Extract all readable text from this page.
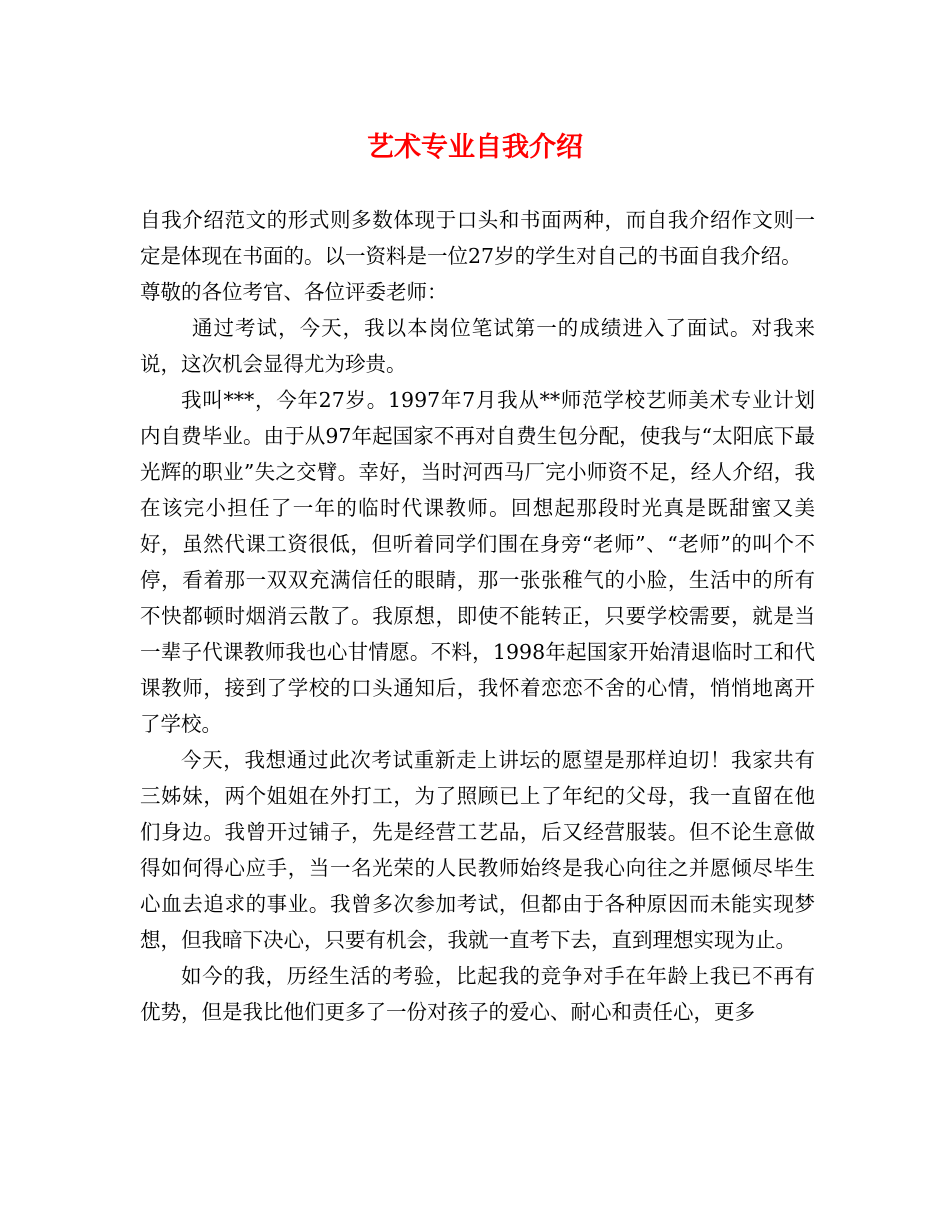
艺术专业自我介绍

自我介绍范文的形式则多数体现于口头和书面两种，而自我介绍作文则一定是体现在书面的。以一资料是一位27岁的学生对自己的书面自我介绍。

尊敬的各位考官、各位评委老师：

通过考试，今天，我以本岗位笔试第一的成绩进入了面试。对我来说，这次机会显得尤为珍贵。

我叫***，今年27岁。1997年7月我从**师范学校艺师美术专业计划内自费毕业。由于从97年起国家不再对自费生包分配，使我与“太阳底下最光辉的职业”失之交臂。幸好，当时河西马厂完小师资不足，经人介绍，我在该完小担任了一年的临时代课教师。回想起那段时光真是既甜蜜又美好，虽然代课工资很低，但听着同学们围在身旁“老师”、“老师”的叫个不停，看着那一双双充满信任的眼睛，那一张张稚气的小脸，生活中的所有不快都顿时烟消云散了。我原想，即使不能转正，只要学校需要，就是当一辈子代课教师我也心甘情愿。不料，1998年起国家开始清退临时工和代课教师，接到了学校的口头通知后，我怀着恋恋不舍的心情，悄悄地离开了学校。

今天，我想通过此次考试重新走上讲坛的愿望是那样迫切！我家共有三姊妹，两个姐姐在外打工，为了照顾已上了年纪的父母，我一直留在他们身边。我曾开过铺子，先是经营工艺品，后又经营服装。但不论生意做得如何得心应手，当一名光荣的人民教师始终是我心向往之并愿倾尽毕生心血去追求的事业。我曾多次参加考试，但都由于各种原因而未能实现梦想，但我暗下决心，只要有机会，我就一直考下去，直到理想实现为止。

如今的我，历经生活的考验，比起我的竞争对手在年龄上我已不再有优势，但是我比他们更多了一份对孩子的爱心、耐心和责任心，更多
